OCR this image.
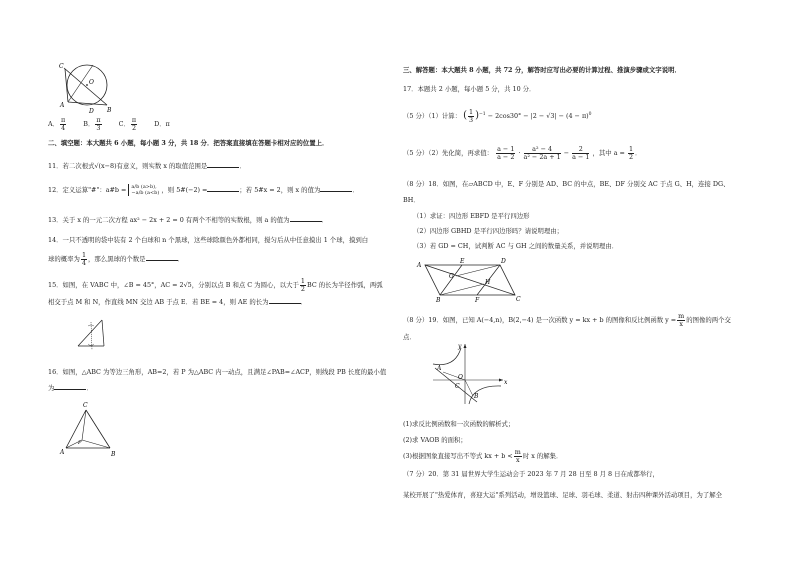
C
O
A
B
D
A． $\frac{\pi}{4}$	B． $\frac{\pi}{3}$	C． $\frac{\pi}{2}$	D．π
二、填空题：本大题共 6 小题，每小题 3 分，共 18 分．把答案直接填在答题卡相对应的位置上．
11．若二次根式√(x−8)有意义，则实数 x 的取值范围是	．
12．定义运算"#"：a#b = a/b (a>b),
−a/b (a<b) ，则 5#(−2) =	；若 5#x = 2，则 x 的值为	．
13．关于 x 的一元二次方程 ax² − 2x + 2 = 0 有两个不相等的实数根，则 a 的值为	．
14．一只不透明的袋中装有 2 个白球和 n 个黑球，这些球除颜色外都相同，搅匀后从中任意摸出 1 个球，摸到白
球的概率为 $\frac{1}{4}$ ，那么黑球的个数是	．
15．如图，在 VABC 中，∠B = 45°，AC = 2√5，分别以点 B 和点 C 为圆心，以大于 $\frac{1}{2}$ BC 的长为半径作弧，两弧
相交于点 M 和 N，作直线 MN 交边 AB 于点 E．若 BE = 4，则 AE 的长为	．
16．如图，△ABC 为等边三角形，AB=2，若 P 为△ABC 内一动点，且满足∠PAB=∠ACP，则线段 PB 长度的最小值
为	．
C
A	B
P
三、解答题：本大题共 8 小题，共 72 分，解答时应写出必要的计算过程、推演步骤或文字说明．
17．本题共 2 小题，每小题 5 分，共 10 分．
（5 分）（1）计算： ( $\frac{1}{3} )^{-1} - 2\cos 30^\circ - |2 - √3| - (4 - \pi)^0$
（5 分）（2）先化简，再求值： $\frac{a - 1}{a - 2} \cdot \frac{\text{a² − 4}}{\text{a² − 2a + 1}} - \frac{2}{a - 1}$ ，其中 $a = \frac{1}{2}$ ．
（8 分）18．如图，在▱ABCD 中，E、F 分别是 AD、BC 的中点，BE、DF 分别交 AC 于点 G、H，连接 DG、
BH．
（1）求证：四边形 EBFD 是平行四边形
（2）四边形 GBHD 是平行四边形吗？请说明理由；
（3）若 GD = CH，试判断 AC 与 GH 之间的数量关系，并说明理由．
A
E	D
G
H
B	F	C
（8 分）19．如图，已知 A(−4,n)，B(2,−4) 是一次函数 y = kx + b 的图像和反比例函数 $y = \frac{m}{x}$ 的图像的两个交
点．
y
A
O
C
x
B
(1)求反比例函数和一次函数的解析式；
(2)求 VAOB 的面积；
(3)根据图象直接写出不等式 kx + $b < \frac{m}{x}$ 时 x 的解集．
（7 分）20．第 31 届世界大学生运动会于 2023 年 7 月 28 日至 8 月 8 日在成都举行，
某校开展了"热爱体育，喜迎大运"系列活动，增设篮球、足球、羽毛球、柔道、射击四种课外活动项目，为了解全
